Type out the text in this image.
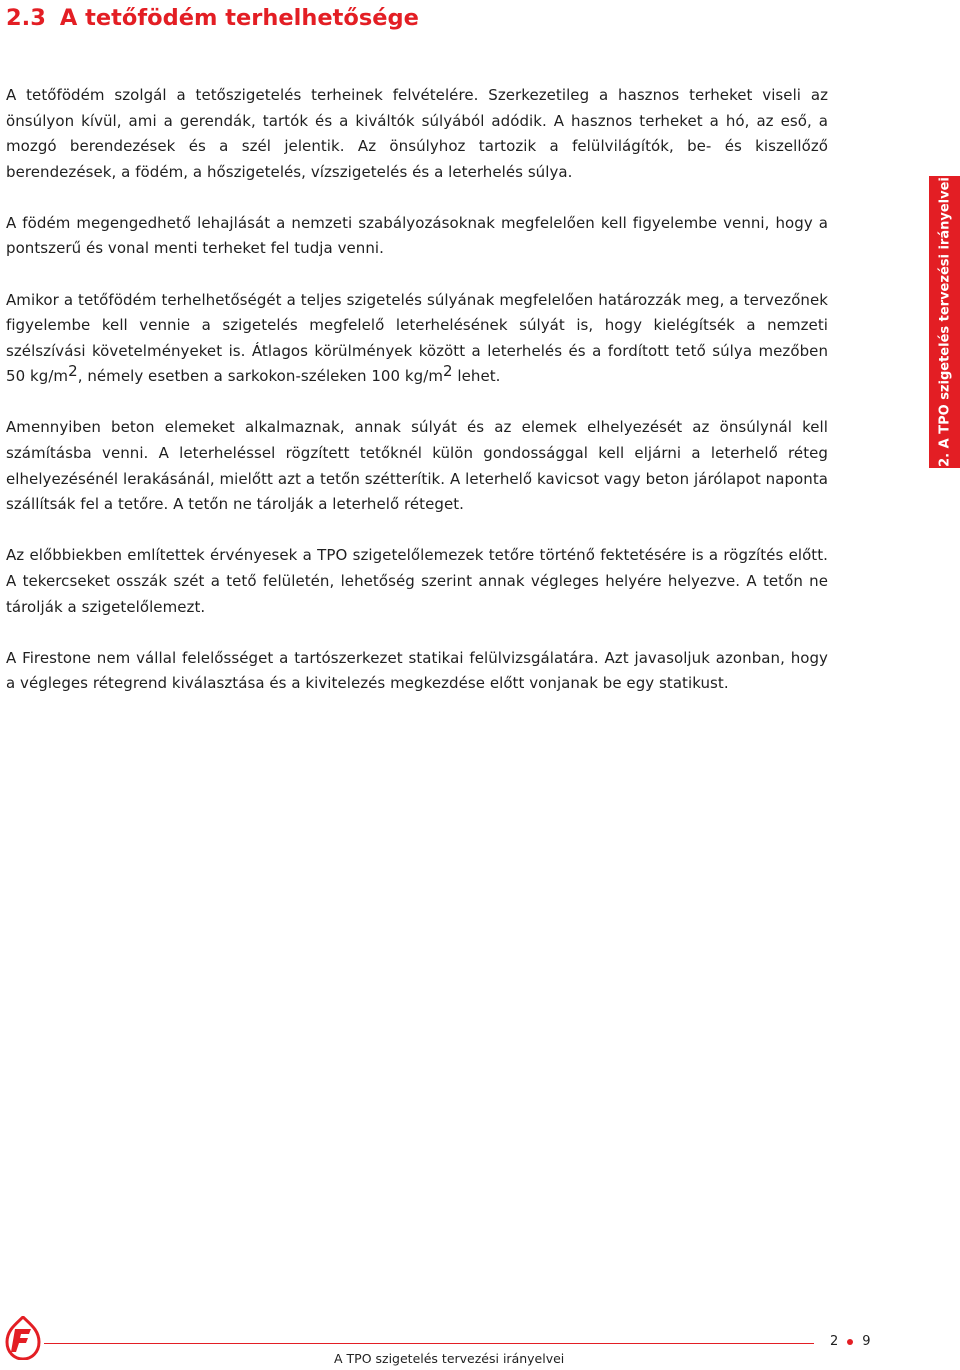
2.3 A tetőfödém terhelhetősége

A tetőfödém szolgál a tetőszigetelés terheinek felvételére. Szerkezetileg a hasznos terheket viseli az önsúlyon kívül, ami a gerendák, tartók és a kiváltók súlyából adódik. A hasznos terheket a hó, az eső, a mozgó berendezések és a szél jelentik. Az önsúlyhoz tartozik a felülvilágítók, be- és kiszellőző berendezések, a födém, a hőszigetelés, vízszigetelés és a leterhelés súlya.

A födém megengedhető lehajlását a nemzeti szabályozásoknak megfelelően kell figyelembe venni, hogy a pontszerű és vonal menti terheket fel tudja venni.

Amikor a tetőfödém terhelhetőségét a teljes szigetelés súlyának megfelelően határozzák meg, a tervezőnek figyelembe kell vennie a szigetelés megfelelő leterhelésének súlyát is, hogy kielégítsék a nemzeti szélszívási követelményeket is. Átlagos körülmények között a leterhelés és a fordított tető súlya mezőben 50 $kg/m^2$, némely esetben a sarkokon-széleken 100 $kg/m^2$ lehet.

Amennyiben beton elemeket alkalmaznak, annak súlyát és az elemek elhelyezését az önsúlynál kell számításba venni. A leterheléssel rögzített tetőknél külön gondossággal kell eljárni a leterhelő réteg elhelyezésénél lerakásánál, mielőtt azt a tetőn szétterítik. A leterhelő kavicsot vagy beton járólapot naponta szállítsák fel a tetőre. A tetőn ne tárolják a leterhelő réteget.

Az előbbiekben említettek érvényesek a TPO szigetelőlemezek tetőre történő fektetésére is a rögzítés előtt. A tekercseket osszák szét a tető felületén, lehetőség szerint annak végleges helyére helyezve. A tetőn ne tárolják a szigetelőlemezt.

A Firestone nem vállal felelősséget a tartószerkezet statikai felülvizsgálatára. Azt javasoljuk azonban, hogy a végleges rétegrend kiválasztása és a kivitelezés megkezdése előtt vonjanak be egy statikust.

2. A TPO szigetelés tervezési irányelvei
A TPO szigetelés tervezési irányelvei
2 9
